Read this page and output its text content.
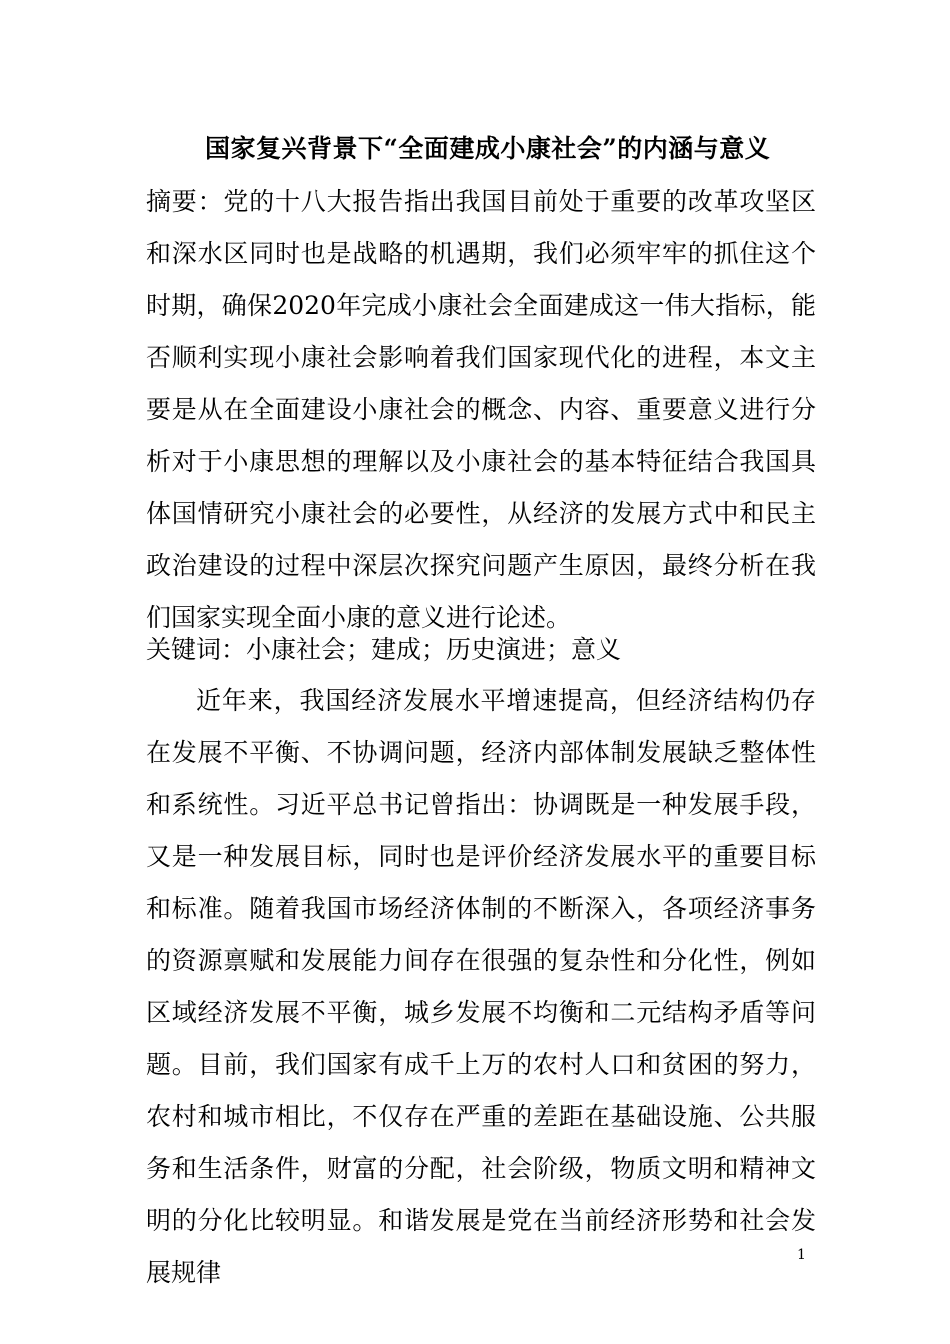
国家复兴背景下“全面建成小康社会”的内涵与意义

摘要：党的十八大报告指出我国目前处于重要的改革攻坚区和深水区同时也是战略的机遇期，我们必须牢牢的抓住这个时期，确保2020年完成小康社会全面建成这一伟大指标，能否顺利实现小康社会影响着我们国家现代化的进程，本文主要是从在全面建设小康社会的概念、内容、重要意义进行分析对于小康思想的理解以及小康社会的基本特征结合我国具体国情研究小康社会的必要性，从经济的发展方式中和民主政治建设的过程中深层次探究问题产生原因，最终分析在我们国家实现全面小康的意义进行论述。

关键词：小康社会；建成；历史演进；意义

近年来，我国经济发展水平增速提高，但经济结构仍存在发展不平衡、不协调问题，经济内部体制发展缺乏整体性和系统性。习近平总书记曾指出：协调既是一种发展手段，又是一种发展目标，同时也是评价经济发展水平的重要目标和标准。随着我国市场经济体制的不断深入，各项经济事务的资源禀赋和发展能力间存在很强的复杂性和分化性，例如区域经济发展不平衡，城乡发展不均衡和二元结构矛盾等问题。目前，我们国家有成千上万的农村人口和贫困的努力，农村和城市相比，不仅存在严重的差距在基础设施、公共服务和生活条件，财富的分配，社会阶级，物质文明和精神文明的分化比较明显。和谐发展是党在当前经济形势和社会发展规律

1
